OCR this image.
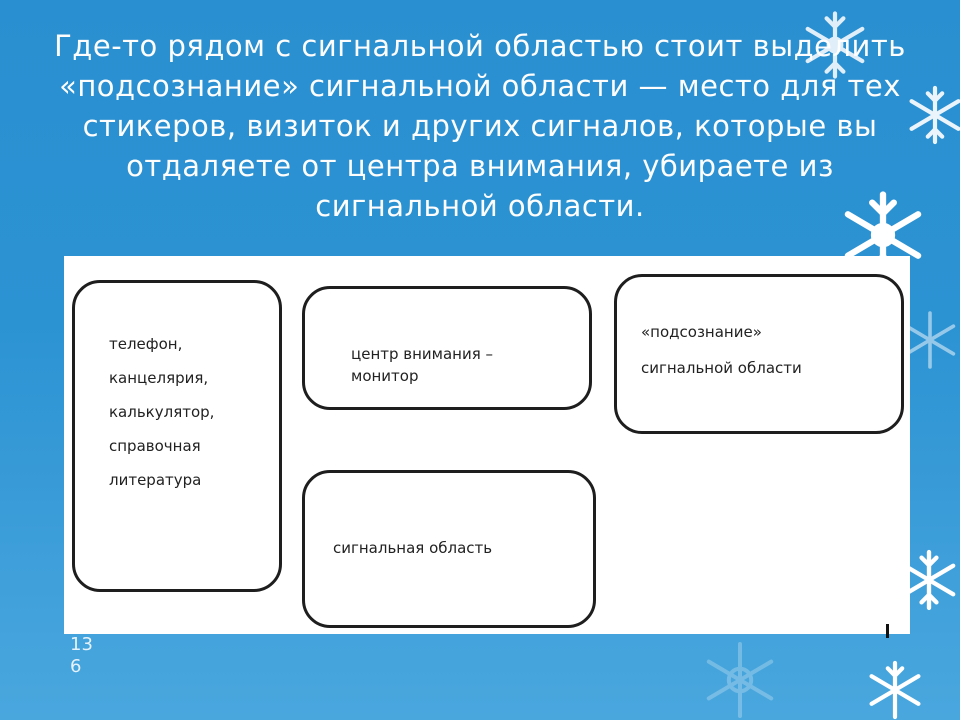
Где-то рядом с сигнальной областью стоит выделить
«подсознание» сигнальной области — место для тех
стикеров, визиток и других сигналов, которые вы
отдаляете от центра внимания, убираете из
сигнальной области.
телефон,
канцелярия,
калькулятор,
справочная
литература
центр внимания –
монитор
«подсознание»
сигнальной области
сигнальная область
13
6
